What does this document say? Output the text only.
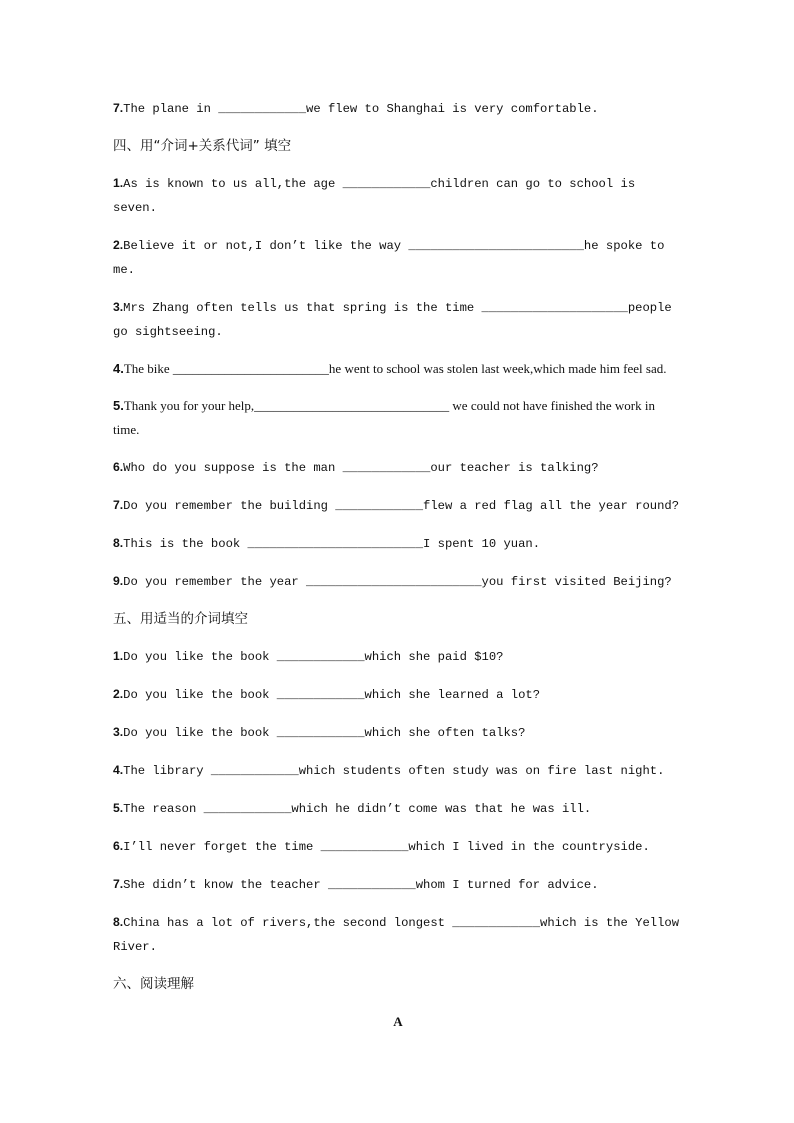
7.The plane in ____________we flew to Shanghai is very comfortable.
四、用“介词+关系代词” 填空
1.As is known to us all,the age ____________children can go to school is seven.
2.Believe it or not,I don’t like the way ________________________he spoke to me.
3.Mrs Zhang often tells us that spring is the time ____________________people go sightseeing.
4.The bike ________________________he went to school was stolen last week,which made him feel sad.
5.Thank you for your help,______________________________ we could not have finished the work in time.
6.Who do you suppose is the man ____________our teacher is talking?
7.Do you remember the building ____________flew a red flag all the year round?
8.This is the book ________________________I spent 10 yuan.
9.Do you remember the year ________________________you first visited Beijing?
五、用适当的介词填空
1.Do you like the book ____________which she paid $10?
2.Do you like the book ____________which she learned a lot?
3.Do you like the book ____________which she often talks?
4.The library ____________which students often study was on fire last night.
5.The reason ____________which he didn’t come was that he was ill.
6.I’ll never forget the time ____________which I lived in the countryside.
7.She didn’t know the teacher ____________whom I turned for advice.
8.China has a lot of rivers,the second longest ____________which is the Yellow River.
六、阅读理解
A
